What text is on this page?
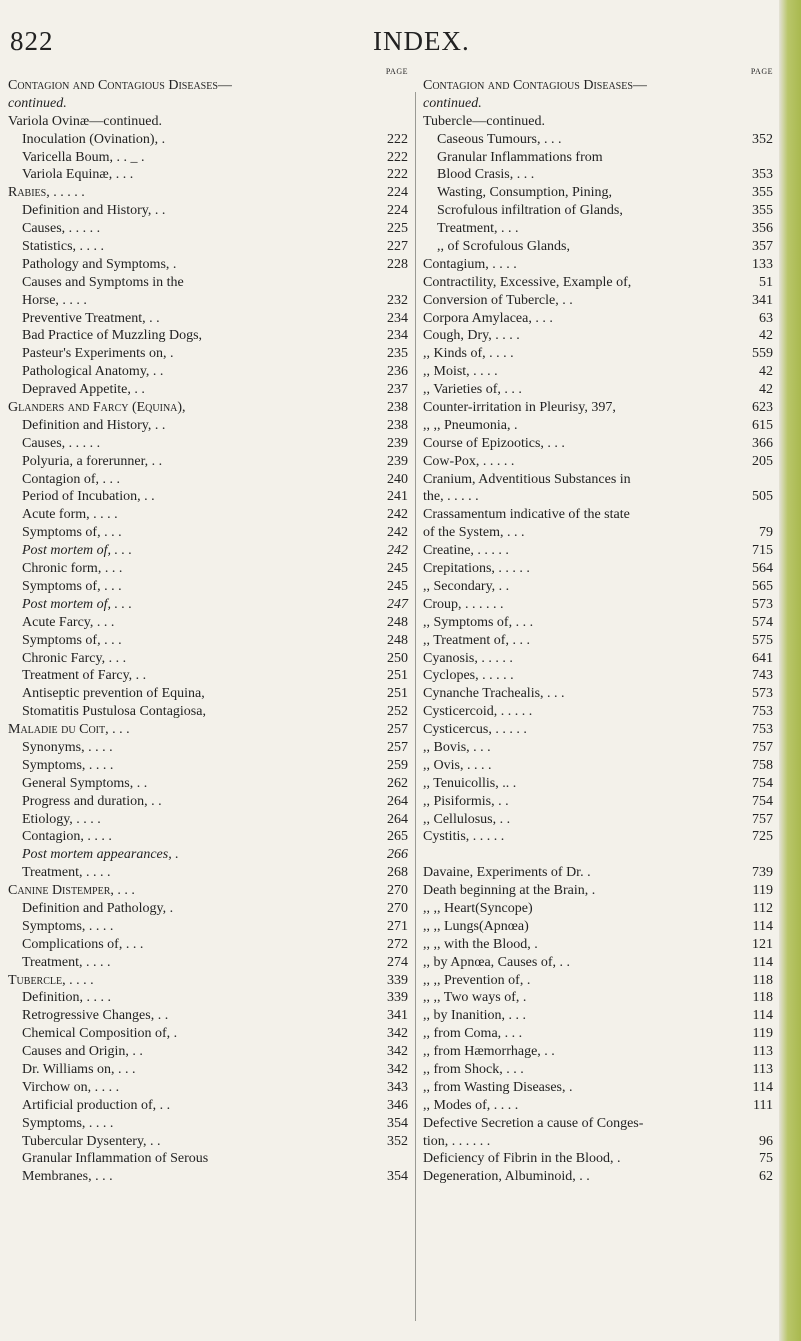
822	INDEX.
PAGE
Contagion and Contagious Diseases—
continued.
Variola Ovinæ—continued.
Inoculation (Ovination), .	222
Varicella Boum, . . _ .	222
Variola Equinæ, . . .	222
Rabies, . . . . .	224
Definition and History, . .	224
Causes, . . . . .	225
Statistics, . . . .	227
Pathology and Symptoms, .	228
Causes and Symptoms in the
Horse, . . . .	232
Preventive Treatment, . .	234
Bad Practice of Muzzling Dogs,	234
Pasteur's Experiments on, .	235
Pathological Anatomy, . .	236
Depraved Appetite, . .	237
Glanders and Farcy (Equina),	238
Definition and History, . .	238
Causes, . . . . .	239
Polyuria, a forerunner, . .	239
Contagion of, . . .	240
Period of Incubation, . .	241
Acute form, . . . .	242
Symptoms of, . . .	242
Post mortem of, . . .	242
Chronic form, . . .	245
Symptoms of, . . .	245
Post mortem of, . . .	247
Acute Farcy, . . .	248
Symptoms of, . . .	248
Chronic Farcy, . . .	250
Treatment of Farcy, . .	251
Antiseptic prevention of Equina,	251
Stomatitis Pustulosa Contagiosa,	252
Maladie du Coit, . . .	257
Synonyms, . . . .	257
Symptoms, . . . .	259
General Symptoms, . .	262
Progress and duration, . .	264
Etiology, . . . .	264
Contagion, . . . .	265
Post mortem appearances, .	266
Treatment, . . . .	268
Canine Distemper, . . .	270
Definition and Pathology, .	270
Symptoms, . . . .	271
Complications of, . . .	272
Treatment, . . . .	274
Tubercle, . . . .	339
Definition, . . . .	339
Retrogressive Changes, . .	341
Chemical Composition of, .	342
Causes and Origin, . .	342
Dr. Williams on, . . .	342
Virchow on, . . . .	343
Artificial production of, . .	346
Symptoms, . . . .	354
Tubercular Dysentery, . .	352
Granular Inflammation of Serous
Membranes, . . .	354
PAGE
Contagion and Contagious Diseases—
continued.
Tubercle—continued.
Caseous Tumours, . . .	352
Granular Inflammations from
Blood Crasis, . . .	353
Wasting, Consumption, Pining,	355
Scrofulous infiltration of Glands,	355
Treatment, . . .	356
,, of Scrofulous Glands,	357
Contagium, . . . .	133
Contractility, Excessive, Example of,	51
Conversion of Tubercle, . .	341
Corpora Amylacea, . . .	63
Cough, Dry, . . . .	42
,, Kinds of, . . . .	559
,, Moist, . . . .	42
,, Varieties of, . . .	42
Counter-irritation in Pleurisy, 397,	623
,, ,, Pneumonia, .	615
Course of Epizootics, . . .	366
Cow-Pox, . . . . .	205
Cranium, Adventitious Substances in
the, . . . . .	505
Crassamentum indicative of the state
of the System, . . .	79
Creatine, . . . . .	715
Crepitations, . . . . .	564
,, Secondary, . .	565
Croup, . . . . . .	573
,, Symptoms of, . . .	574
,, Treatment of, . . .	575
Cyanosis, . . . . .	641
Cyclopes, . . . . .	743
Cynanche Trachealis, . . .	573
Cysticercoid, . . . . .	753
Cysticercus, . . . . .	753
,, Bovis, . . .	757
,, Ovis, . . . .	758
,, Tenuicollis, .. .	754
,, Pisiformis, . .	754
,, Cellulosus, . .	757
Cystitis, . . . . .	725
Davaine, Experiments of Dr. .	739
Death beginning at the Brain, .	119
,, ,, Heart(Syncope)	112
,, ,, Lungs(Apnœa)	114
,, ,, with the Blood, .	121
,, by Apnœa, Causes of, . .	114
,, ,, Prevention of, .	118
,, ,, Two ways of, .	118
,, by Inanition, . . .	114
,, from Coma, . . .	119
,, from Hæmorrhage, . .	113
,, from Shock, . . .	113
,, from Wasting Diseases, .	114
,, Modes of, . . . .	111
Defective Secretion a cause of Conges-
tion, . . . . . .	96
Deficiency of Fibrin in the Blood, .	75
Degeneration, Albuminoid, . .	62
